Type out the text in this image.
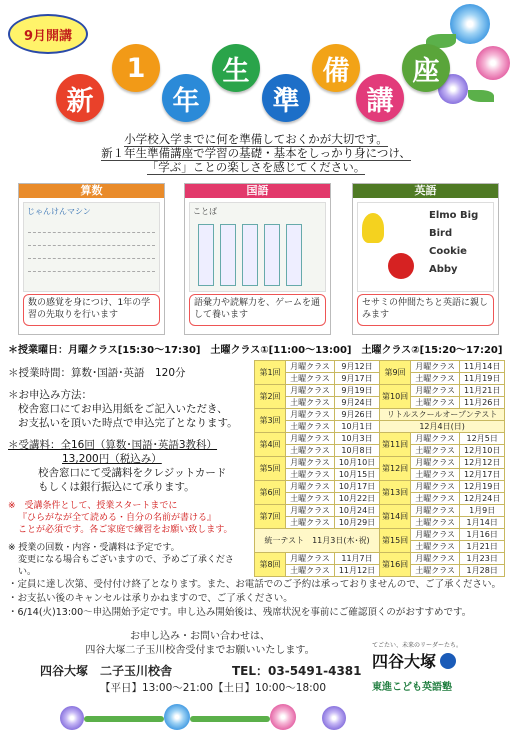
9月開講
新
1
年
生
準
備
講
座
小学校入学までに何を準備しておくかが大切です。
新１年生準備講座で学習の基礎・基本をしっかり身につけ、
「学ぶ」ことの楽しさを感じてください。
算数
じゃんけんマシン
数の感覚を身につけ、1年の学習の先取りを行います
国語
ことば
語彙力や読解力を、ゲームを通して養います
英語
Elmo Big Bird Cookie Abby
セサミの仲間たちと英語に親しみます
＊授業曜日：月曜クラス[15:30～17:30]　土曜クラス①[11:00～13:00]　土曜クラス②[15:20～17:20]
＊授業時間：算数･国語･英語　120分
＊お申込み方法：
校舎窓口にてお申込用紙をご記入いただき、
お支払いを頂いた時点で申込完了となります。
＊受講料：全16回（算数･国語･英語3教科）
13,200円（税込み）
校舎窓口にて受講料をクレジットカード
もしくは銀行振込にて承ります。
※　受講条件として、授業スタートまでに
『ひらがなが全て読める・自分の名前が書ける』
ことが必須です。各ご家庭で練習をお願い致します。
※ 授業の回数・内容・受講料は予定です。
変更になる場合もございますので、予めご了承ください。
第1回	月曜クラス	9月12日	第9回	月曜クラス	11月14日
	土曜クラス	9月17日		土曜クラス	11月19日
第2回	月曜クラス	9月19日	第10回	月曜クラス	11月21日
	土曜クラス	9月24日		土曜クラス	11月26日
第3回	月曜クラス	9月26日	リトルスクールオープンテスト		

	土曜クラス	10月1日	12月4日(日)		
第4回	月曜クラス	10月3日	第11回	月曜クラス	12月5日
	土曜クラス	10月8日		土曜クラス	12月10日
第5回	月曜クラス	10月10日	第12回	月曜クラス	12月12日
	土曜クラス	10月15日		土曜クラス	12月17日
第6回	月曜クラス	10月17日	第13回	月曜クラス	12月19日
	土曜クラス	10月22日		土曜クラス	12月24日
第7回	月曜クラス	10月24日	第14回	月曜クラス	1月9日
	土曜クラス	10月29日		土曜クラス	1月14日
統一テスト　11月3日(木･祝)			第15回	月曜クラス	1月16日
				土曜クラス	1月21日
第8回	月曜クラス	11月7日	第16回	月曜クラス	1月23日
	土曜クラス	11月12日		土曜クラス	1月28日
・定員に達し次第、受付付け終了となります。また、お電話でのご予約は承っておりませんので、ご了承ください。
・お支払い後のキャンセルは承りかねますので、ご了承ください。
・6/14(火)13:00～申込開始予定です。申し込み開始後は、残席状況を事前にご確認頂くのがおすすめです。
お申し込み・お問い合わせは、
四谷大塚二子玉川校舎受付までお願いいたします。
四谷大塚　二子玉川校舎	TEL：03-5491-4381
【平日】13:00～21:00【土日】10:00～18:00
てごたい、未来のリーダーたち。
四谷大塚
東進こども英語塾
